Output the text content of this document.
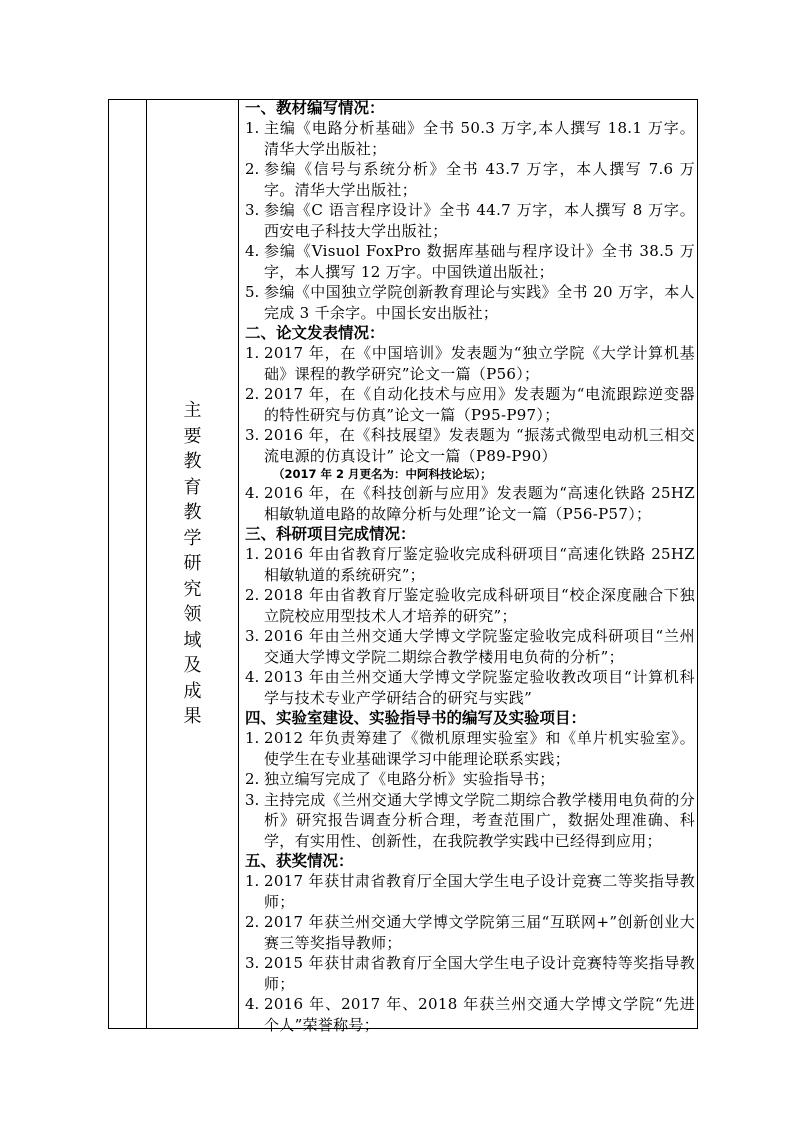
主
要
教
育
教
学
研
究
领
域
及
成
果
一、教材编写情况：
1. 主编《电路分析基础》全书 50.3 万字,本人撰写 18.1 万字。清华大学出版社；
2. 参编《信号与系统分析》全书 43.7 万字，本人撰写 7.6 万字。清华大学出版社；
3. 参编《C 语言程序设计》全书 44.7 万字，本人撰写 8 万字。西安电子科技大学出版社；
4. 参编《Visuol FoxPro 数据库基础与程序设计》全书 38.5 万字，本人撰写 12 万字。中国铁道出版社；
5. 参编《中国独立学院创新教育理论与实践》全书 20 万字，本人完成 3 千余字。中国长安出版社；
二、论文发表情况：
1. 2017 年，在《中国培训》发表题为“独立学院《大学计算机基础》课程的教学研究”论文一篇（P56）；
2. 2017 年，在《自动化技术与应用》发表题为“电流跟踪逆变器的特性研究与仿真”论文一篇（P95-P97）；
3. 2016 年，在《科技展望》发表题为 “振荡式微型电动机三相交流电源的仿真设计” 论文一篇（P89-P90）
（2017 年 2 月更名为：中阿科技论坛）；
4. 2016 年，在《科技创新与应用》发表题为“高速化铁路 25HZ 相敏轨道电路的故障分析与处理”论文一篇（P56-P57）；
三、科研项目完成情况：
1. 2016 年由省教育厅鉴定验收完成科研项目“高速化铁路 25HZ 相敏轨道的系统研究”；
2. 2018 年由省教育厅鉴定验收完成科研项目“校企深度融合下独立院校应用型技术人才培养的研究”；
3. 2016 年由兰州交通大学博文学院鉴定验收完成科研项目“兰州交通大学博文学院二期综合教学楼用电负荷的分析”；
4. 2013 年由兰州交通大学博文学院鉴定验收教改项目“计算机科学与技术专业产学研结合的研究与实践”
四、实验室建设、实验指导书的编写及实验项目：
1. 2012 年负责筹建了《微机原理实验室》和《单片机实验室》。使学生在专业基础课学习中能理论联系实践；
2. 独立编写完成了《电路分析》实验指导书；
3. 主持完成《兰州交通大学博文学院二期综合教学楼用电负荷的分析》研究报告调查分析合理，考查范围广，数据处理准确、科学，有实用性、创新性，在我院教学实践中已经得到应用；
五、获奖情况：
1. 2017 年获甘肃省教育厅全国大学生电子设计竞赛二等奖指导教师；
2. 2017 年获兰州交通大学博文学院第三届“互联网+”创新创业大赛三等奖指导教师；
3. 2015 年获甘肃省教育厅全国大学生电子设计竞赛特等奖指导教师；
4. 2016 年、2017 年、2018 年获兰州交通大学博文学院“先进个人”荣誉称号；
